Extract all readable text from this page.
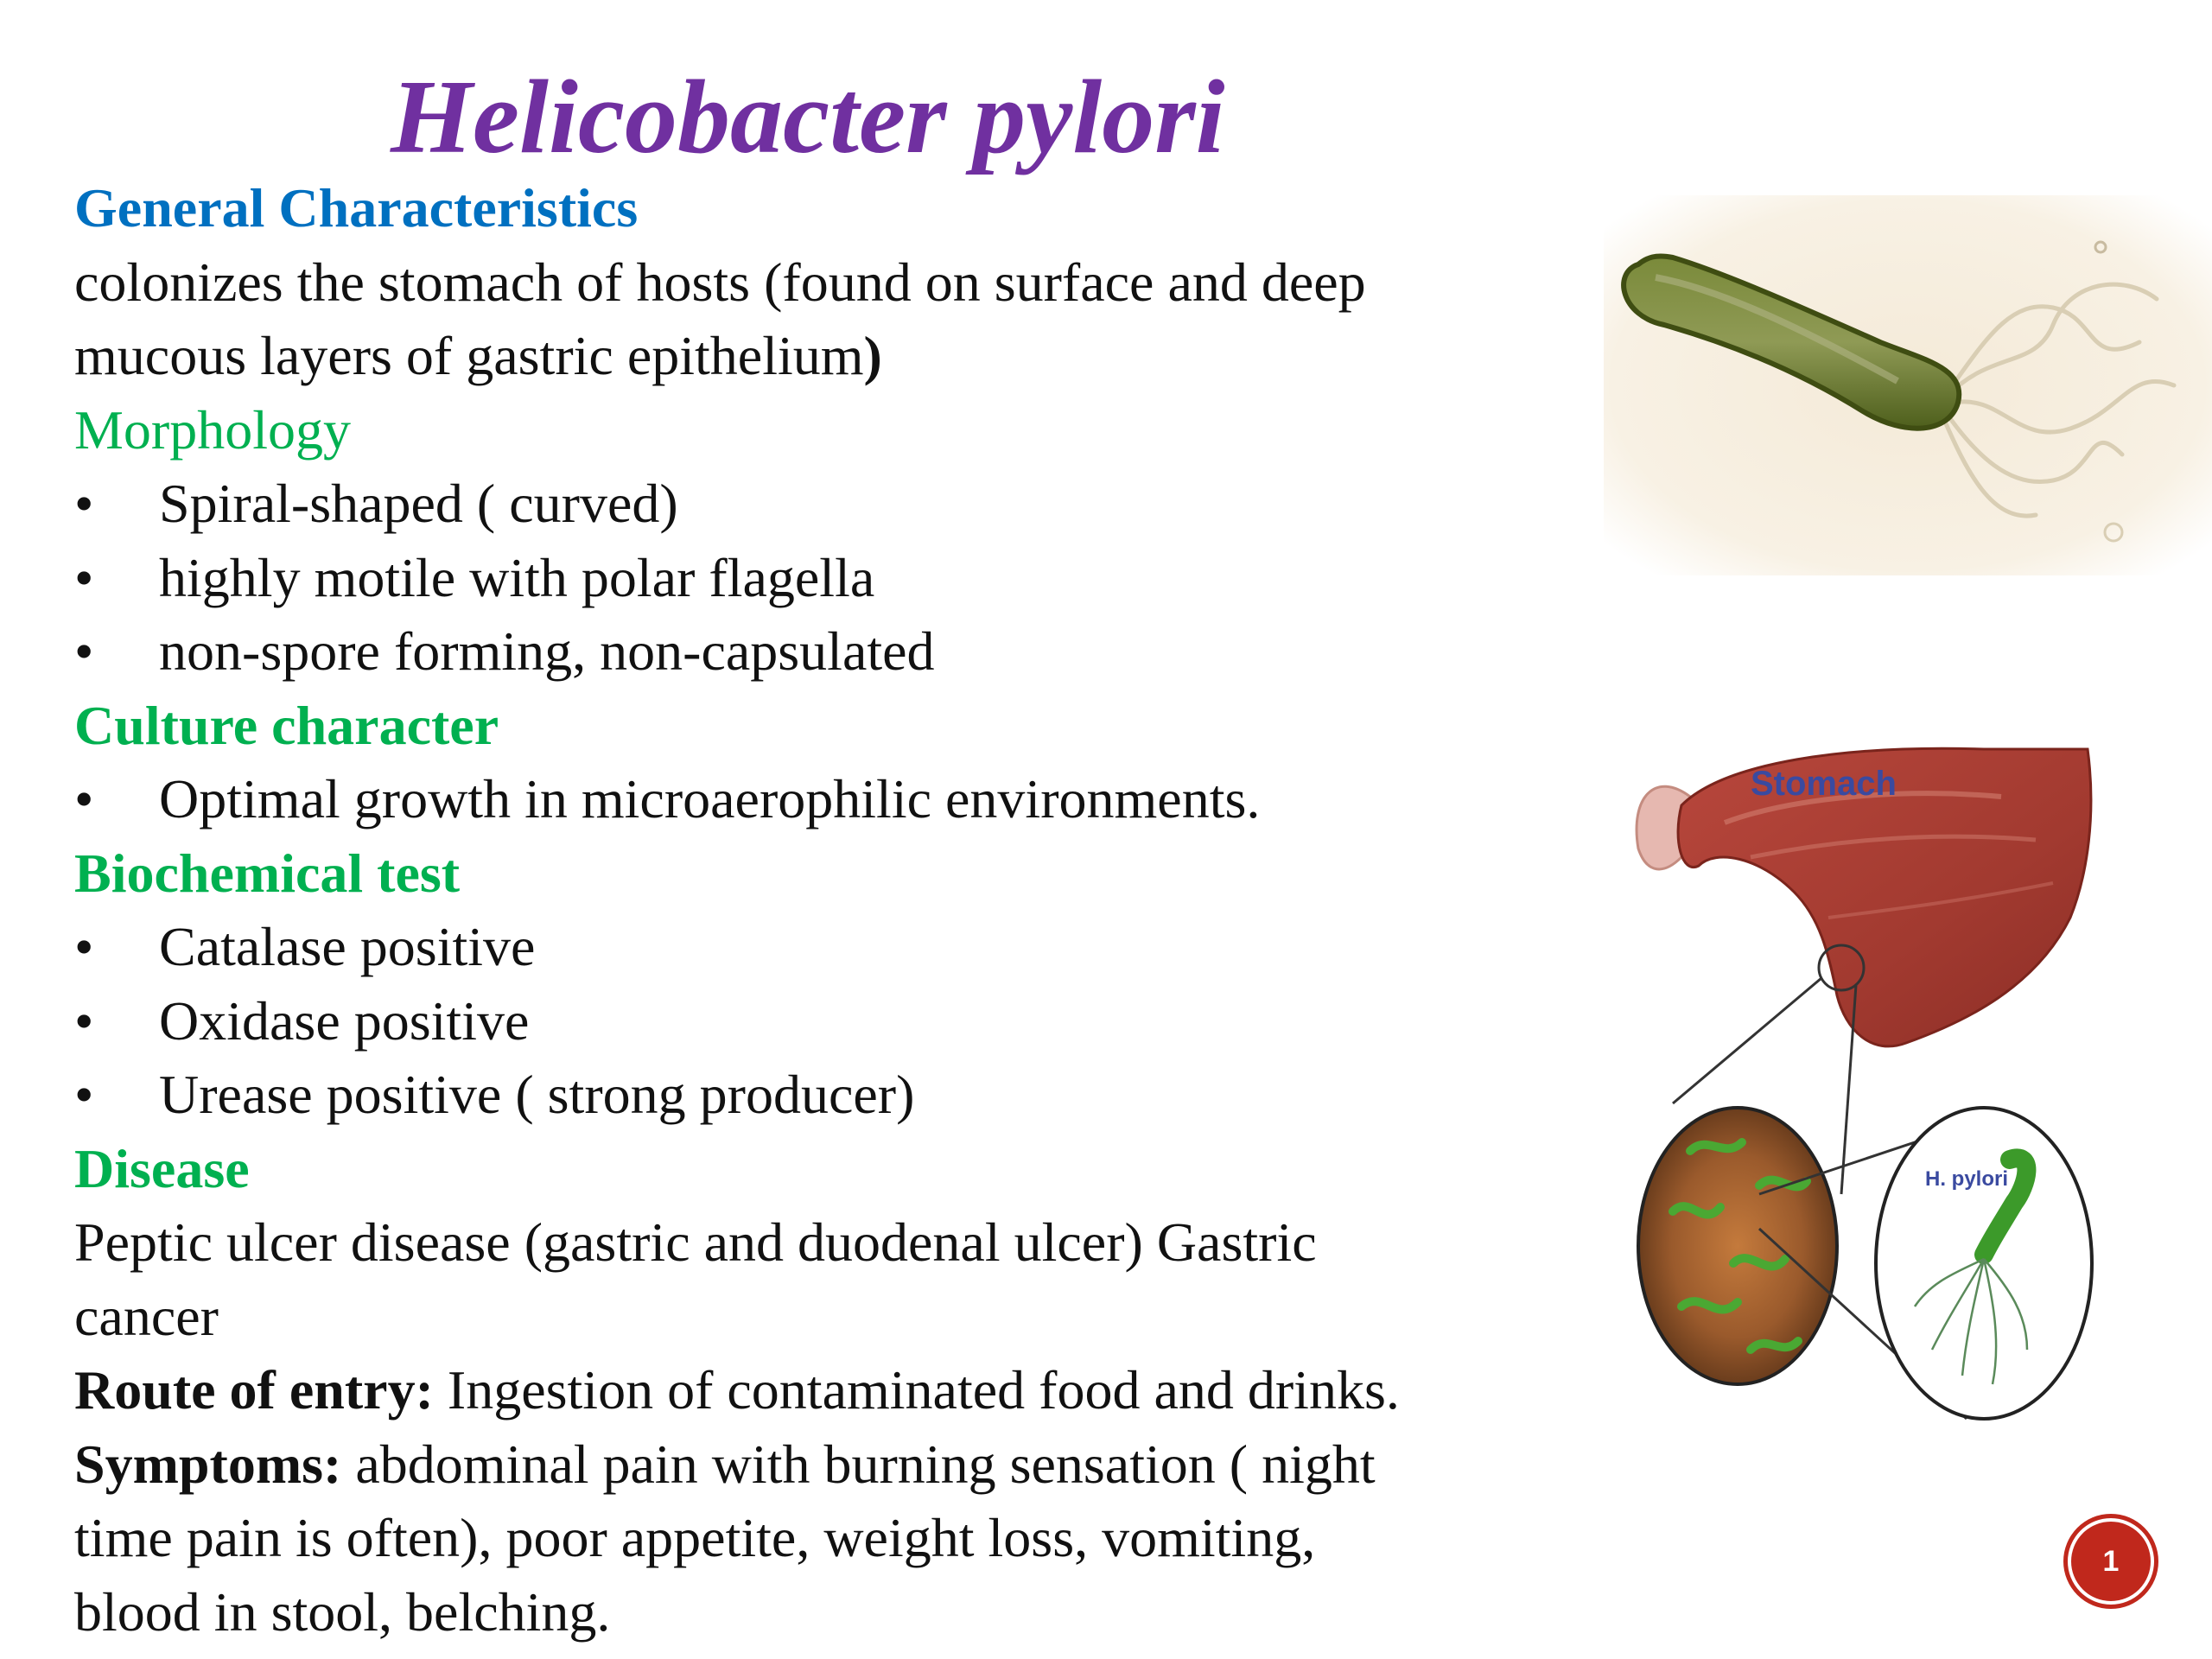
Helicobacter pylori
General Characteristics
colonizes the stomach of hosts (found on surface and deep
mucous layers of gastric epithelium)
Morphology
• Spiral-shaped ( curved)
• highly motile with polar flagella
• non-spore forming, non-capsulated
Culture character
• Optimal growth in microaerophilic environments.
Biochemical test
• Catalase positive
• Oxidase positive
• Urease positive ( strong producer)
Disease
Peptic ulcer disease (gastric and duodenal ulcer) Gastric
cancer
Route of entry: Ingestion of contaminated food and drinks.
Symptoms: abdominal pain with burning sensation ( night
time pain is often), poor appetite, weight loss, vomiting,
blood in stool, belching.
Stomach
H. pylori
1
